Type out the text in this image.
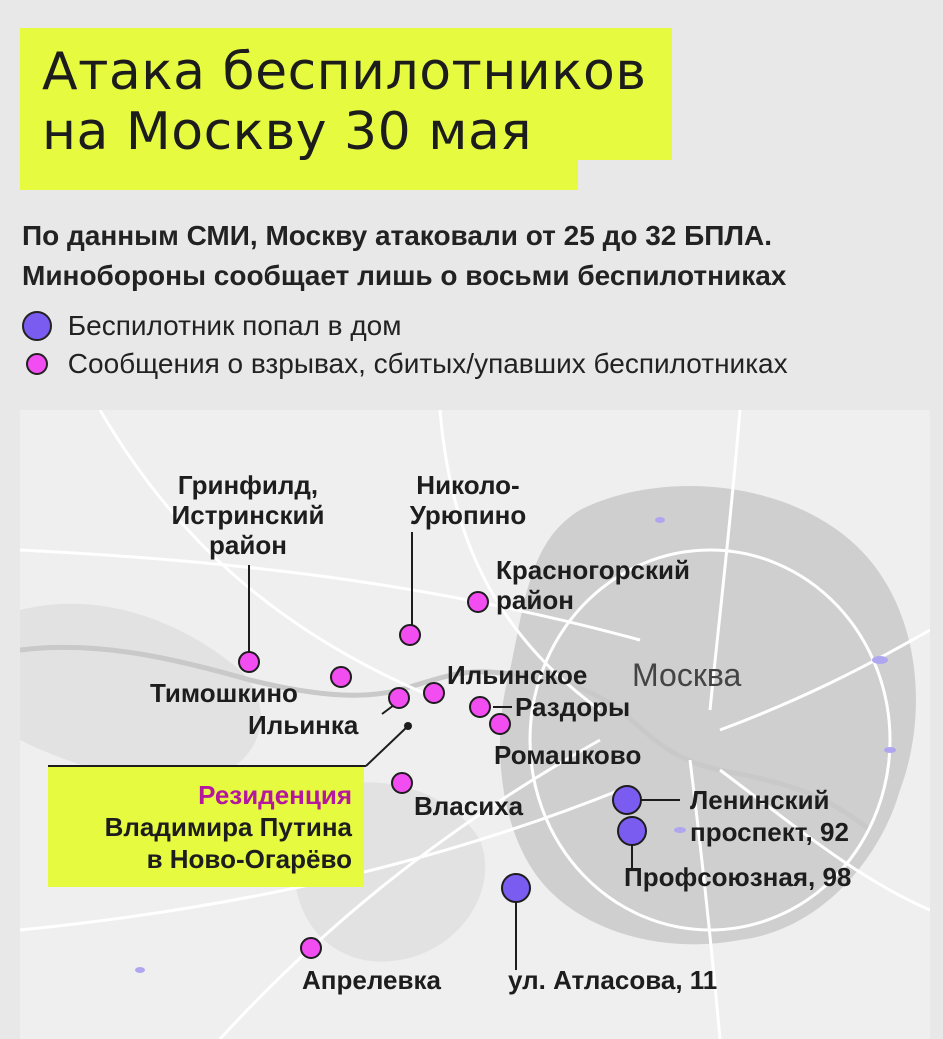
Атака беспилотников
на Москву 30 мая
По данным СМИ, Москву атаковали от 25 до 32 БПЛА.
Минобороны сообщает лишь о восьми беспилотниках
Беспилотник попал в дом
Сообщения о взрывах, сбитых/упавших беспилотниках
Гринфилд,
Истринский
район
Николо-
Урюпино
Красногорский
район
Тимошкино
Ильинское Москва
Ильинка
Раздоры
Ромашково
Власиха	Ленинский
проспект, 92
Профсоюзная, 98
Апрелевка	ул. Атласова, 11
Резиденция
Владимира Путина
в Ново-Огарёво
